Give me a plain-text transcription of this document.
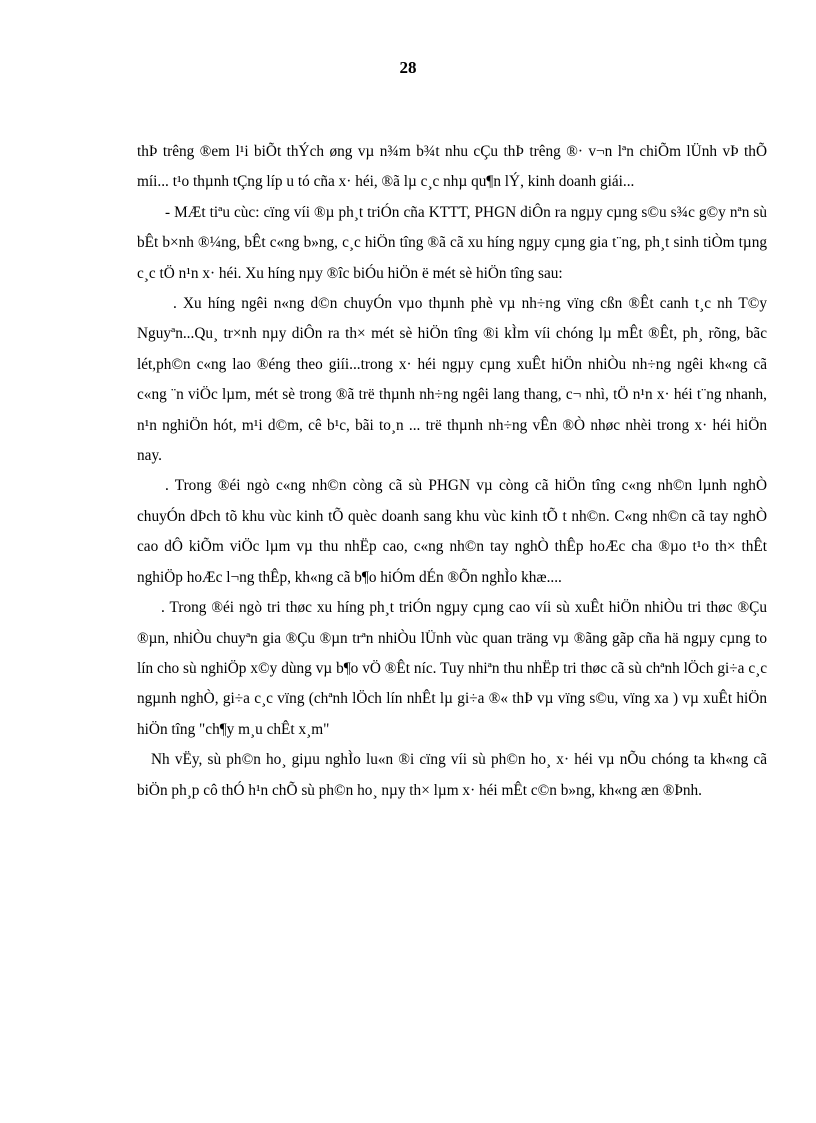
28

thÞ trêng ®em l¹i biÕt thÝch øng vµ n¾m b¾t nhu cÇu thÞ trêng ®· v¬n lªn chiÕm lÜnh vÞ thÕ míi... t¹o thµnh tÇng líp u tó cña x· héi, ®ã lµ c¸c nhµ qu¶n lÝ, kinh doanh giái...

- MÆt tiªu cùc: cïng víi ®µ ph¸t triÓn cña KTTT, PHGN diÔn ra ngµy cµng s©u s¾c g©y nªn sù bÊt b×nh ®¼ng, bÊt c«ng b»ng, c¸c hiÖn tîng ®ã cã xu híng ngµy cµng gia t¨ng, ph¸t sinh tiÒm tµng c¸c tÖ n¹n x· héi. Xu híng nµy ®îc biÓu hiÖn ë mét sè hiÖn tîng sau:

. Xu híng ngêi n«ng d©n chuyÓn vµo thµnh phè vµ nh÷ng vïng cßn ®Êt canh t¸c nh T©y Nguyªn...Qu¸ tr×nh nµy diÔn ra th× mét sè hiÖn tîng ®i kÌm víi chóng lµ mÊt ®Êt, ph¸ rõng, bãc lét,ph©n c«ng lao ®éng theo giíi...trong x· héi ngµy cµng xuÊt hiÖn nhiÒu nh÷ng ngêi kh«ng cã c«ng ¨n viÖc lµm, mét sè trong ®ã trë thµnh nh÷ng ngêi lang thang, c¬ nhì, tÖ n¹n x· héi t¨ng nhanh, n¹n nghiÖn hót, m¹i d©m, cê b¹c, bãi to¸n ... trë thµnh nh÷ng vÊn ®Ò nhøc nhèi trong x· héi hiÖn nay.

. Trong ®éi ngò c«ng nh©n còng cã sù PHGN vµ còng cã hiÖn tîng c«ng nh©n lµnh nghÒ chuyÓn dÞch tõ khu vùc kinh tÕ quèc doanh sang khu vùc kinh tÕ t nh©n. C«ng nh©n cã tay nghÒ cao dÔ kiÕm viÖc lµm vµ thu nhËp cao, c«ng nh©n tay nghÒ thÊp hoÆc cha ®µo t¹o th× thÊt nghiÖp hoÆc l¬ng thÊp, kh«ng cã b¶o hiÓm dÉn ®Õn nghÌo khæ....

. Trong ®éi ngò tri thøc xu híng ph¸t triÓn ngµy cµng cao víi sù xuÊt hiÖn nhiÒu tri thøc ®Çu ®µn, nhiÒu chuyªn gia ®Çu ®µn trªn nhiÒu lÜnh vùc quan träng vµ ®ãng gãp cña hä ngµy cµng to lín cho sù nghiÖp x©y dùng vµ b¶o vÖ ®Êt níc. Tuy nhiªn thu nhËp tri thøc cã sù chªnh lÖch gi÷a c¸c ngµnh nghÒ, gi÷a c¸c vïng (chªnh lÖch lín nhÊt lµ gi÷a ®« thÞ vµ vïng s©u, vïng xa ) vµ xuÊt hiÖn hiÖn tîng "ch¶y m¸u chÊt x¸m"

Nh vËy, sù ph©n ho¸ giµu nghÌo lu«n ®i cïng víi sù ph©n ho¸ x· héi vµ nÕu chóng ta kh«ng cã biÖn ph¸p cô thÓ h¹n chÕ sù ph©n ho¸ nµy th× lµm x· héi mÊt c©n b»ng, kh«ng æn ®Þnh.
